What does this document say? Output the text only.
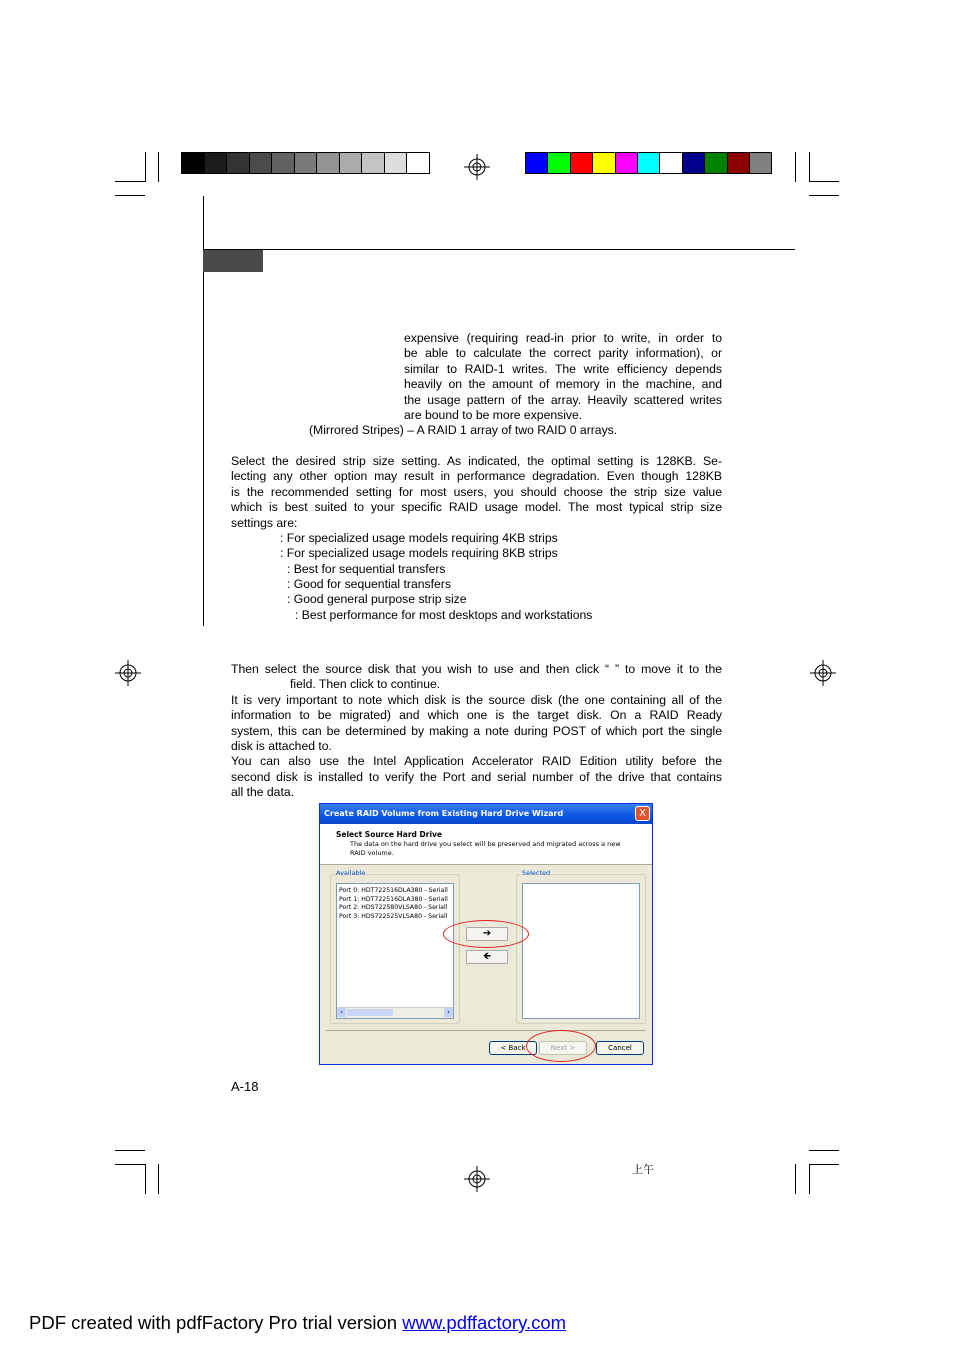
expensive (requiring read-in prior to write, in order to
be able to calculate the correct parity information), or
similar to RAID-1 writes. The write efficiency depends
heavily on the amount of memory in the machine, and
the usage pattern of the array. Heavily scattered writes
are bound to be more expensive.
(Mirrored Stripes) – A RAID 1 array of two RAID 0 arrays.
Select the desired strip size setting. As indicated, the optimal setting is 128KB. Se-
lecting any other option may result in performance degradation. Even though 128KB
is the recommended setting for most users, you should choose the strip size value
which is best suited to your specific RAID usage model. The most typical strip size
settings are:
: For specialized usage models requiring 4KB strips
: For specialized usage models requiring 8KB strips
: Best for sequential transfers
: Good for sequential transfers
: Good general purpose strip size
: Best performance for most desktops and workstations
Then select the source disk that you wish to use and then click “ ” to move it to the
field. Then click to continue.
It is very important to note which disk is the source disk (the one containing all of the
information to be migrated) and which one is the target disk. On a RAID Ready
system, this can be determined by making a note during POST of which port the single
disk is attached to.
You can also use the Intel Application Accelerator RAID Edition utility before the
second disk is installed to verify the Port and serial number of the drive that contains
all the data.
Create RAID Volume from Existing Hard Drive Wizard	X
Select Source Hard Drive
The data on the hard drive you select will be preserved and migrated across a new
RAID volume.
Available
Port 0: HDT722516DLA380 - Seriall
Port 1: HDT722516DLA380 - Seriall
Port 2: HDS722580VLSA80 - Seriall
Port 3: HDS722525VLSA80 - Seriall
‹	›
➔
🡸
Selected
< Back	Next >	Cancel
A-18
上午
PDF created with pdfFactory Pro trial version www.pdffactory.com
